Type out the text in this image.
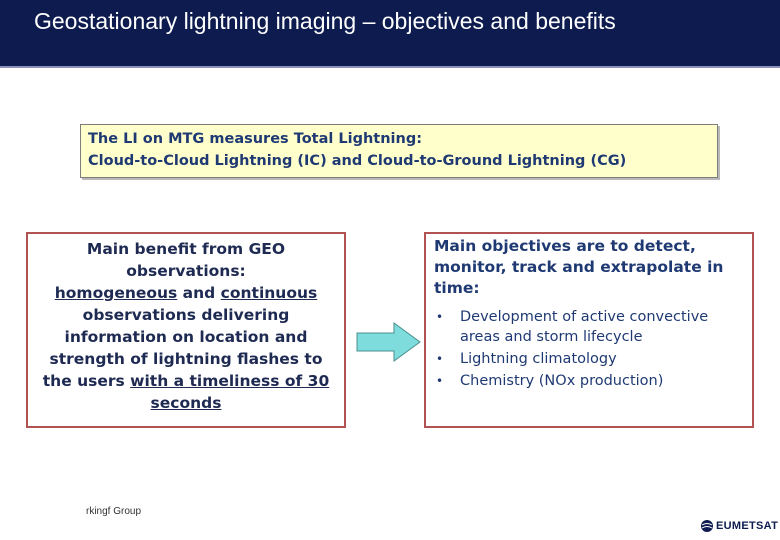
Geostationary lightning imaging – objectives and benefits
The LI on MTG measures Total Lightning:
Cloud-to-Cloud Lightning (IC) and Cloud-to-Ground Lightning (CG)
Main benefit from GEO observations:
homogeneous and continuous observations delivering information on location and strength of lightning flashes to the users with a timeliness of 30 seconds

Main objectives are to detect, monitor, track and extrapolate in time:

• Development of active convective areas and storm lifecycle
• Lightning climatology
• Chemistry (NOx production)
rkingf Group
EUMETSAT
